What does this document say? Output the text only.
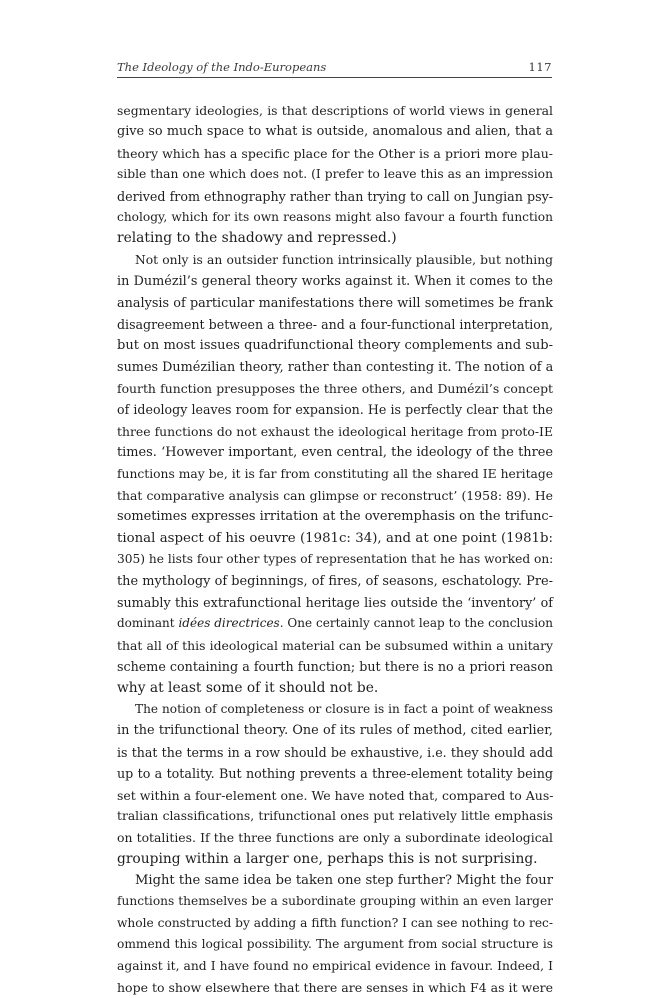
The Ideology of the Indo-Europeans	117
segmentary ideologies, is that descriptions of world views in general
give so much space to what is outside, anomalous and alien, that a
theory which has a specific place for the Other is a priori more plau-
sible than one which does not. (I prefer to leave this as an impression
derived from ethnography rather than trying to call on Jungian psy-
chology, which for its own reasons might also favour a fourth function
relating to the shadowy and repressed.)
Not only is an outsider function intrinsically plausible, but nothing
in Dumézil’s general theory works against it. When it comes to the
analysis of particular manifestations there will sometimes be frank
disagreement between a three- and a four-functional interpretation,
but on most issues quadrifunctional theory complements and sub-
sumes Dumézilian theory, rather than contesting it. The notion of a
fourth function presupposes the three others, and Dumézil’s concept
of ideology leaves room for expansion. He is perfectly clear that the
three functions do not exhaust the ideological heritage from proto-IE
times. ‘However important, even central, the ideology of the three
functions may be, it is far from constituting all the shared IE heritage
that comparative analysis can glimpse or reconstruct’ (1958: 89). He
sometimes expresses irritation at the overemphasis on the trifunc-
tional aspect of his oeuvre (1981c: 34), and at one point (1981b:
305) he lists four other types of representation that he has worked on:
the mythology of beginnings, of fires, of seasons, eschatology. Pre-
sumably this extrafunctional heritage lies outside the ‘inventory’ of
dominant idées directrices. One certainly cannot leap to the conclusion
that all of this ideological material can be subsumed within a unitary
scheme containing a fourth function; but there is no a priori reason
why at least some of it should not be.
The notion of completeness or closure is in fact a point of weakness
in the trifunctional theory. One of its rules of method, cited earlier,
is that the terms in a row should be exhaustive, i.e. they should add
up to a totality. But nothing prevents a three-element totality being
set within a four-element one. We have noted that, compared to Aus-
tralian classifications, trifunctional ones put relatively little emphasis
on totalities. If the three functions are only a subordinate ideological
grouping within a larger one, perhaps this is not surprising.
Might the same idea be taken one step further? Might the four
functions themselves be a subordinate grouping within an even larger
whole constructed by adding a fifth function? I can see nothing to rec-
ommend this logical possibility. The argument from social structure is
against it, and I have found no empirical evidence in favour. Indeed, I
hope to show elsewhere that there are senses in which F4 as it were
